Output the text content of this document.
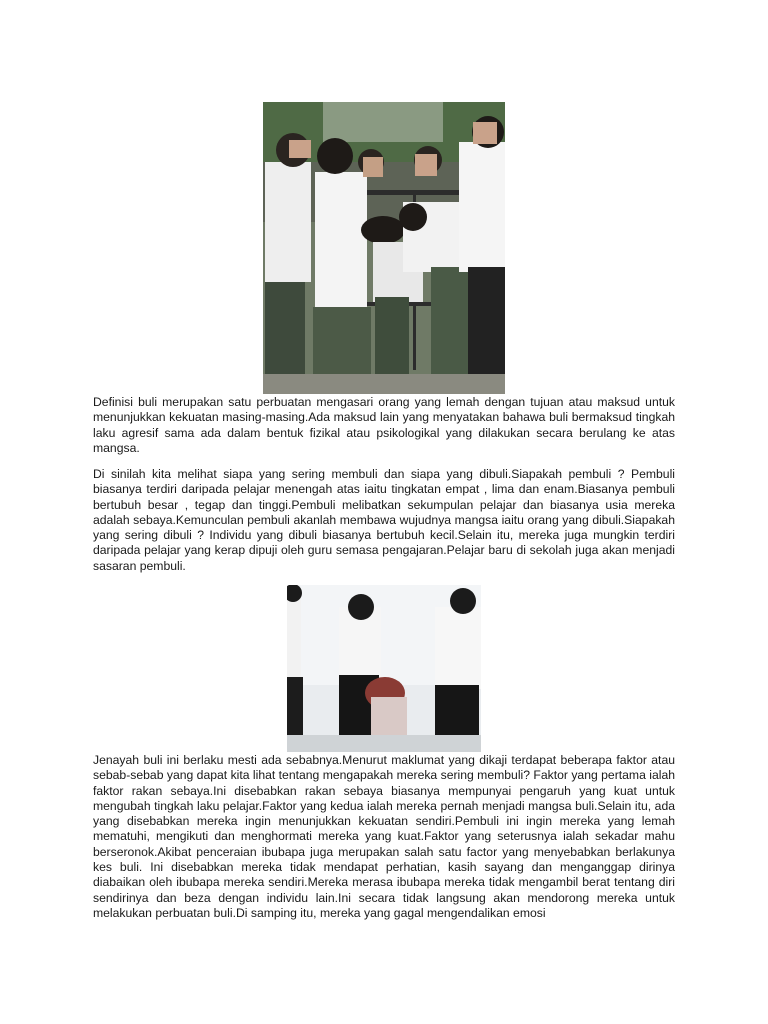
Definisi buli merupakan satu perbuatan mengasari orang yang lemah dengan tujuan atau maksud untuk menunjukkan kekuatan masing-masing.Ada maksud lain yang menyatakan bahawa buli bermaksud tingkah laku agresif sama ada dalam bentuk fizikal atau psikologikal yang dilakukan secara berulang ke atas mangsa.

Di sinilah kita melihat siapa yang sering membuli dan siapa yang dibuli.Siapakah pembuli ? Pembuli biasanya terdiri daripada pelajar menengah atas iaitu tingkatan empat , lima dan enam.Biasanya pembuli bertubuh besar , tegap dan tinggi.Pembuli melibatkan sekumpulan pelajar dan biasanya usia mereka adalah sebaya.Kemunculan pembuli akanlah membawa wujudnya mangsa iaitu orang yang dibuli.Siapakah yang sering dibuli ? Individu yang dibuli biasanya bertubuh kecil.Selain itu, mereka juga mungkin terdiri daripada pelajar yang kerap dipuji oleh guru semasa pengajaran.Pelajar baru di sekolah juga akan menjadi sasaran pembuli.

Jenayah buli ini berlaku mesti ada sebabnya.Menurut maklumat yang dikaji terdapat beberapa faktor atau sebab-sebab yang dapat kita lihat tentang mengapakah mereka sering membuli? Faktor yang pertama ialah faktor rakan sebaya.Ini disebabkan rakan sebaya biasanya mempunyai pengaruh yang kuat untuk mengubah tingkah laku pelajar.Faktor yang kedua ialah mereka pernah menjadi mangsa buli.Selain itu, ada yang disebabkan mereka ingin menunjukkan kekuatan sendiri.Pembuli ini ingin mereka yang lemah mematuhi, mengikuti dan menghormati mereka yang kuat.Faktor yang seterusnya ialah sekadar mahu berseronok.Akibat penceraian ibubapa juga merupakan salah satu factor yang menyebabkan berlakunya kes buli. Ini disebabkan mereka tidak mendapat perhatian, kasih sayang dan menganggap dirinya diabaikan oleh ibubapa mereka sendiri.Mereka merasa ibubapa mereka tidak mengambil berat tentang diri sendirinya dan beza dengan individu lain.Ini secara tidak langsung akan mendorong mereka untuk melakukan perbuatan buli.Di samping itu, mereka yang gagal mengendalikan emosi
